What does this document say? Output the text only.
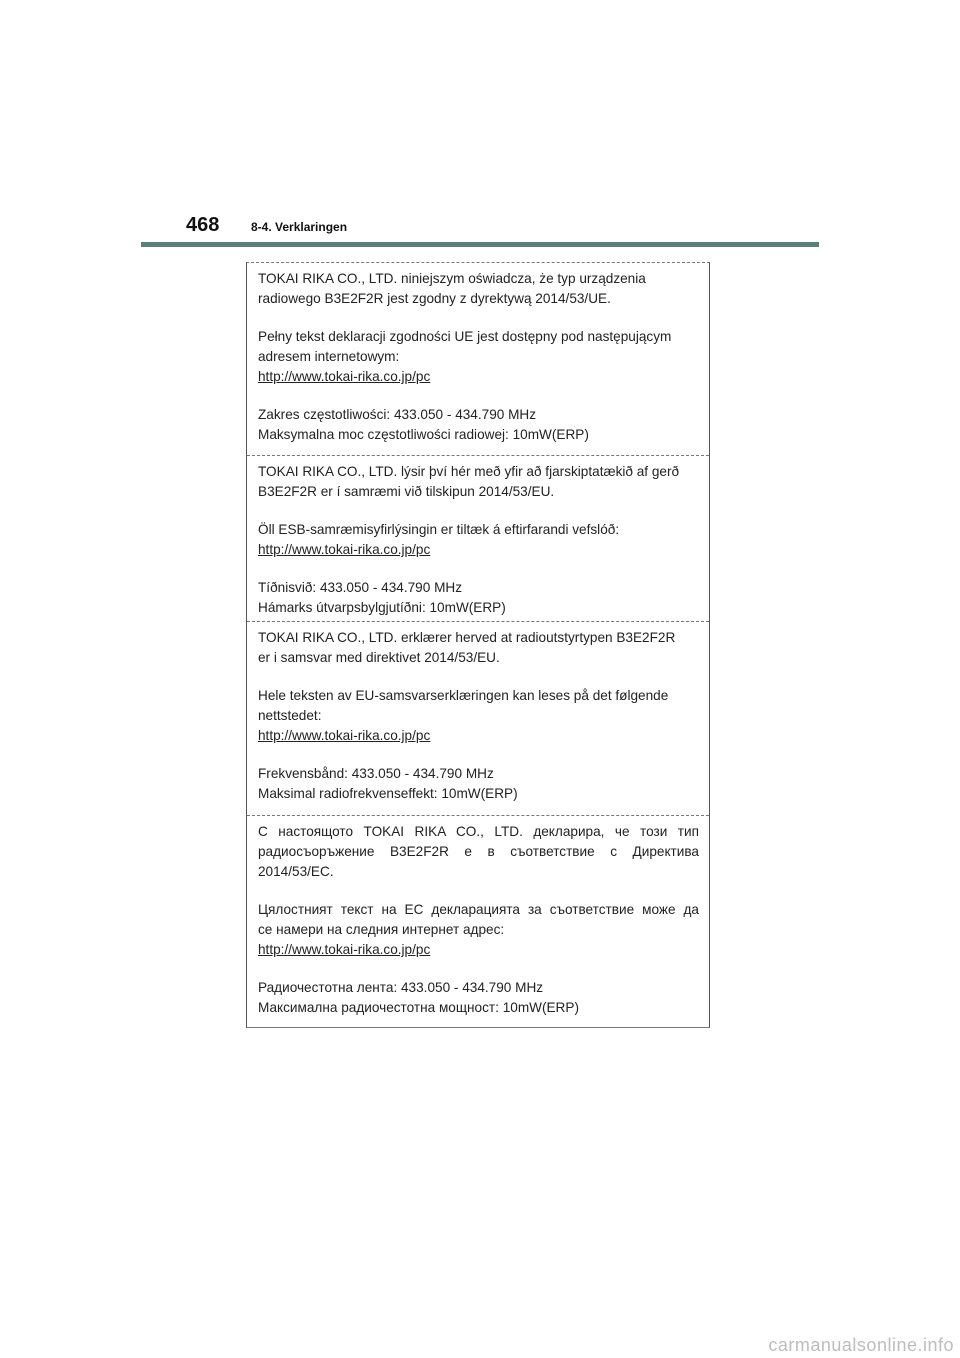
468	8-4. Verklaringen

TOKAI RIKA CO., LTD. niniejszym oświadcza, że typ urządzenia
radiowego B3E2F2R jest zgodny z dyrektywą 2014/53/UE.

Pełny tekst deklaracji zgodności UE jest dostępny pod następującym
adresem internetowym:
http://www.tokai-rika.co.jp/pc

Zakres częstotliwości: 433.050 - 434.790 MHz
Maksymalna moc częstotliwości radiowej: 10mW(ERP)

TOKAI RIKA CO., LTD. lýsir því hér með yfir að fjarskiptatækið af gerð
B3E2F2R er í samræmi við tilskipun 2014/53/EU.

Öll ESB-samræmisyfirlýsingin er tiltæk á eftirfarandi vefslóð:
http://www.tokai-rika.co.jp/pc

Tíðnisvið: 433.050 - 434.790 MHz
Hámarks útvarpsbylgjutíðni: 10mW(ERP)

TOKAI RIKA CO., LTD. erklærer herved at radioutstyrtypen B3E2F2R
er i samsvar med direktivet 2014/53/EU.

Hele teksten av EU-samsvarserklæringen kan leses på det følgende
nettstedet:
http://www.tokai-rika.co.jp/pc

Frekvensbånd: 433.050 - 434.790 MHz
Maksimal radiofrekvenseffekt: 10mW(ERP)

С настоящото TOKAI RIKA CO., LTD. декларира, че този тип
радиосъоръжение B3E2F2R е в съответствие с Директива
2014/53/ЕС.

Цялостният текст на ЕС декларацията за съответствие може да
се намери на следния интернет адрес:
http://www.tokai-rika.co.jp/pc

Радиочестотна лента: 433.050 - 434.790 MHz
Максимална радиочестотна мощност: 10mW(ERP)

carmanualsonline.info
